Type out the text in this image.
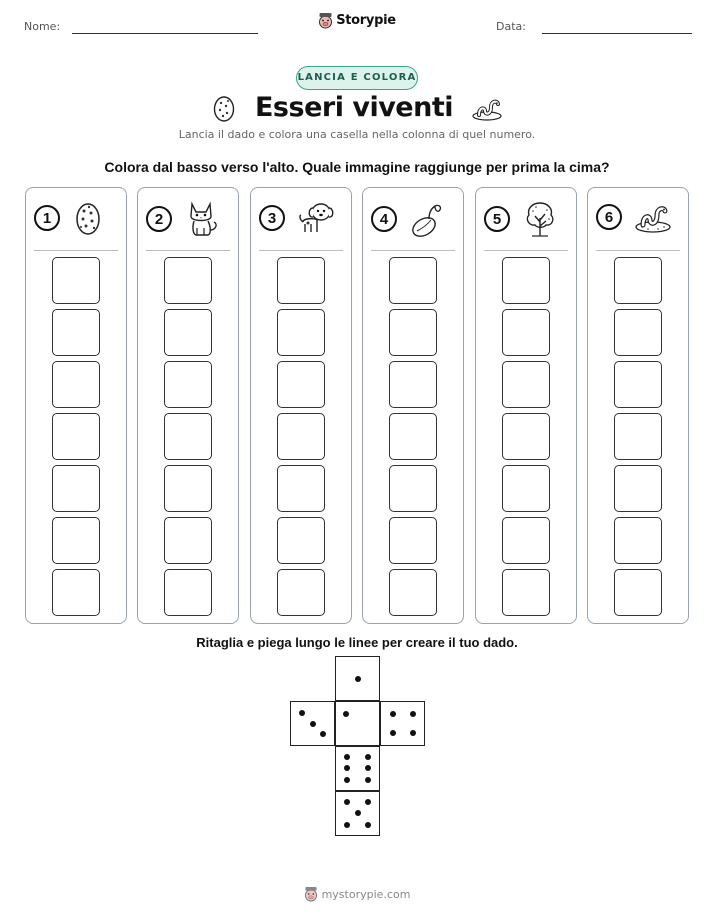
Nome:	Storypie	Data:
LANCIA E COLORA
Esseri viventi
Lancia il dado e colora una casella nella colonna di quel numero.
Colora dal basso verso l'alto. Quale immagine raggiunge per prima la cima?
1	2	3	4	5	6
Ritaglia e piega lungo le linee per creare il tuo dado.
mystorypie.com
